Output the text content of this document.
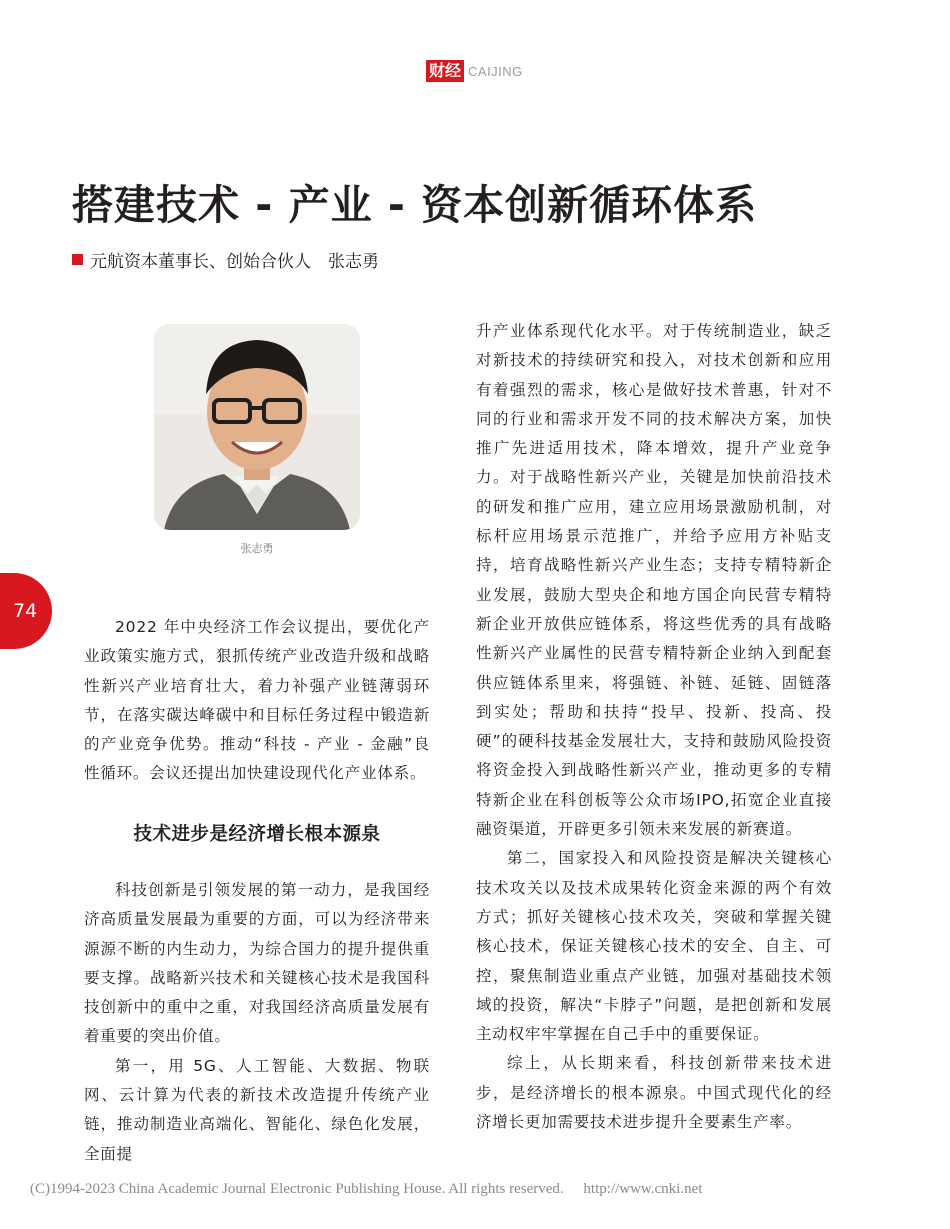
财经 CAIJING
搭建技术 - 产业 - 资本创新循环体系
元航资本董事长、创始合伙人　张志勇
张志勇
74

2022 年中央经济工作会议提出，要优化产业政策实施方式，狠抓传统产业改造升级和战略性新兴产业培育壮大，着力补强产业链薄弱环节，在落实碳达峰碳中和目标任务过程中锻造新的产业竞争优势。推动“科技 - 产业 - 金融”良性循环。会议还提出加快建设现代化产业体系。

技术进步是经济增长根本源泉

科技创新是引领发展的第一动力，是我国经济高质量发展最为重要的方面，可以为经济带来源源不断的内生动力，为综合国力的提升提供重要支撑。战略新兴技术和关键核心技术是我国科技创新中的重中之重，对我国经济高质量发展有着重要的突出价值。

第一，用 5G、人工智能、大数据、物联网、云计算为代表的新技术改造提升传统产业链，推动制造业高端化、智能化、绿色化发展，全面提

升产业体系现代化水平。对于传统制造业，缺乏对新技术的持续研究和投入，对技术创新和应用有着强烈的需求，核心是做好技术普惠，针对不同的行业和需求开发不同的技术解决方案，加快推广先进适用技术，降本增效，提升产业竞争力。对于战略性新兴产业，关键是加快前沿技术的研发和推广应用，建立应用场景激励机制，对标杆应用场景示范推广，并给予应用方补贴支持，培育战略性新兴产业生态；支持专精特新企业发展，鼓励大型央企和地方国企向民营专精特新企业开放供应链体系，将这些优秀的具有战略性新兴产业属性的民营专精特新企业纳入到配套供应链体系里来，将强链、补链、延链、固链落到实处；帮助和扶持“投早、投新、投高、投硬”的硬科技基金发展壮大，支持和鼓励风险投资将资金投入到战略性新兴产业，推动更多的专精特新企业在科创板等公众市场IPO,拓宽企业直接融资渠道，开辟更多引领未来发展的新赛道。

第二，国家投入和风险投资是解决关键核心技术攻关以及技术成果转化资金来源的两个有效方式；抓好关键核心技术攻关，突破和掌握关键核心技术，保证关键核心技术的安全、自主、可控，聚焦制造业重点产业链，加强对基础技术领域的投资，解决“卡脖子”问题，是把创新和发展主动权牢牢掌握在自己手中的重要保证。

综上，从长期来看，科技创新带来技术进步，是经济增长的根本源泉。中国式现代化的经济增长更加需要技术进步提升全要素生产率。

(C)1994-2023 China Academic Journal Electronic Publishing House. All rights reserved. http://www.cnki.net
